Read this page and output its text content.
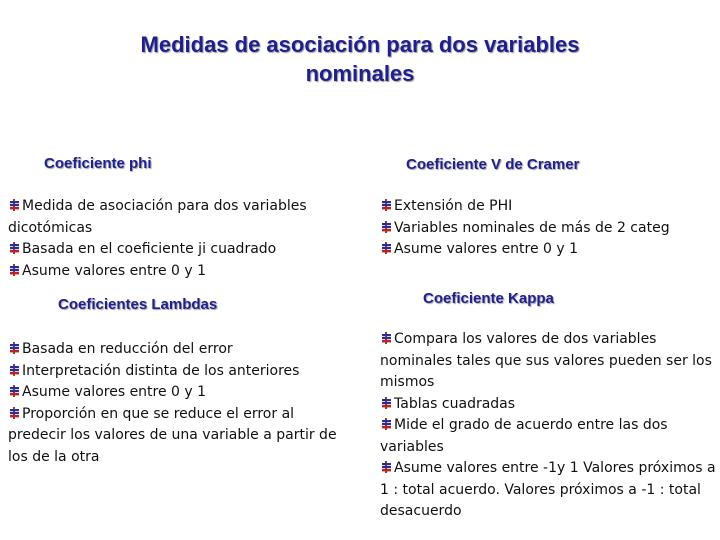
Medidas de asociación para dos variables
nominales
Coeficiente phi
Medida de asociación para dos variables dicotómicas
Basada en el coeficiente ji cuadrado
Asume valores entre 0 y 1
Coeficiente V de Cramer
Extensión de PHI
Variables nominales de más de 2 categ
Asume valores entre 0 y 1
Coeficientes Lambdas
Basada en reducción del error
Interpretación distinta de los anteriores
Asume valores entre 0 y 1
Proporción en que se reduce el error al predecir los valores de una variable a partir de los de la otra
Coeficiente Kappa
Compara los valores de dos variables nominales tales que sus valores pueden ser los mismos
Tablas cuadradas
Mide el grado de acuerdo entre las dos variables
Asume valores entre -1y 1 Valores próximos a 1 : total acuerdo. Valores próximos a -1 : total desacuerdo
